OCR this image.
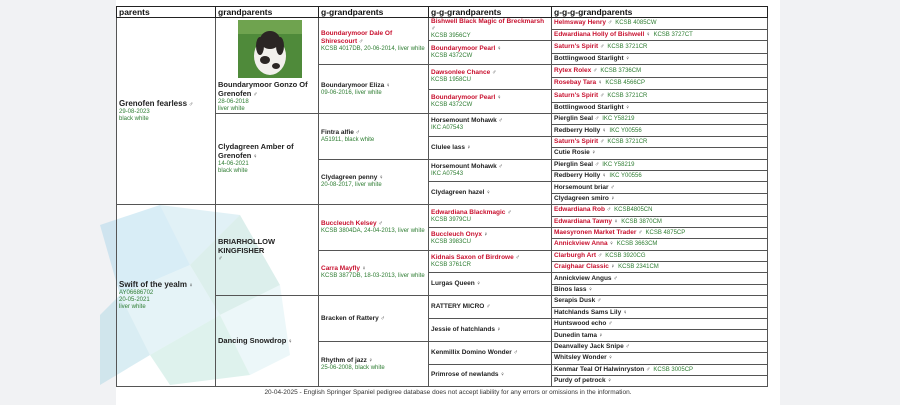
parents	grandparents	g-grandparents	g-g-grandparents	g-g-g-grandparents
Grenofen fearless ♂
29-08-2023
black white	Boundarymoor Gonzo Of Grenofen ♂
28-06-2018
liver white	Boundarymoor Dale Of Shirescourt ♂
KCSB 4017DB, 20-06-2014, liver white	Bishwell Black Magic of Breckmarsh ♂
KCSB 3956CY	Helmsway Henry ♂ KCSB 4085CW
				Edwardiana Holly of Bishwell ♀ KCSB 3727CT
			Boundarymoor Pearl ♀
KCSB 4372CW	Saturn's Spirit ♂ KCSB 3721CR
				Bottlingwood Starlight ♀
		Boundarymoor Eliza ♀
09-06-2016, liver white	Dawsonlee Chance ♂
KCSB 1958CU	Rytex Rolex ♂ KCSB 3736CM
				Rosebay Tara ♀ KCSB 4566CP
			Boundarymoor Pearl ♀
KCSB 4372CW	Saturn's Spirit ♂ KCSB 3721CR
				Bottlingwood Starlight ♀
	Clydagreen Amber of Grenofen ♀
14-06-2021
black white	Fintra alfie ♂
A51911, black white	Horsemount Mohawk ♂
IKC A07543	Pierglin Seal ♂ IKC Y58219
				Redberry Holly ♀ IKC Y00556
			Clulee lass ♀	Saturn's Spirit ♂ KCSB 3721CR
				Cutie Rosie ♀
		Clydagreen penny ♀
20-08-2017, liver white	Horsemount Mohawk ♂
IKC A07543	Pierglin Seal ♂ IKC Y58219
				Redberry Holly ♀ IKC Y00556
			Clydagreen hazel ♀	Horsemount briar ♂
				Clydagreen smiro ♀
Swift of the yealm ♀
AY06686702
20-05-2021
liver white	BRIARHOLLOW KINGFISHER
♂	Buccleuch Kelsey ♂
KCSB 3804DA, 24-04-2013, liver white	Edwardiana Blackmagic ♂
KCSB 3979CU	Edwardiana Rob ♂ KCSB4805CN
				Edwardiana Tawny ♀ KCSB 3870CM
			Buccleuch Onyx ♀
KCSB 3983CU	Maesyronen Market Trader ♂ KCSB 4875CP
				Annickview Anna ♀ KCSB 3663CM
		Carra Mayfly ♀
KCSB 3877DB, 18-03-2013, liver white	Kidnais Saxon of Birdrowe ♂
KCSB 3761CR	Clarburgh Art ♂ KCSB 3920CG
				Craighaar Classic ♀ KCSB 2341CM
			Lurgas Queen ♀	Annickview Angus ♂
				Binos lass ♀
	Dancing Snowdrop ♀	Bracken of Rattery ♂	RATTERY MICRO ♂	Serapis Dusk ♂
				Hatchlands Sams Lily ♀
			Jessie of hatchlands ♀	Huntswood echo ♂
				Dunedin tama ♀
		Rhythm of jazz ♀
25-06-2008, black white	Kenmillix Domino Wonder ♂	Deanvalley Jack Snipe ♂
				Whitsley Wonder ♀
			Primrose of newlands ♀	Kenmar Teal Of Halwinryston ♂ KCSB 3005CP
				Purdy of petrock ♀
20-04-2025 - English Springer Spaniel pedigree database does not accept liability for any errors or omissions in the information.
